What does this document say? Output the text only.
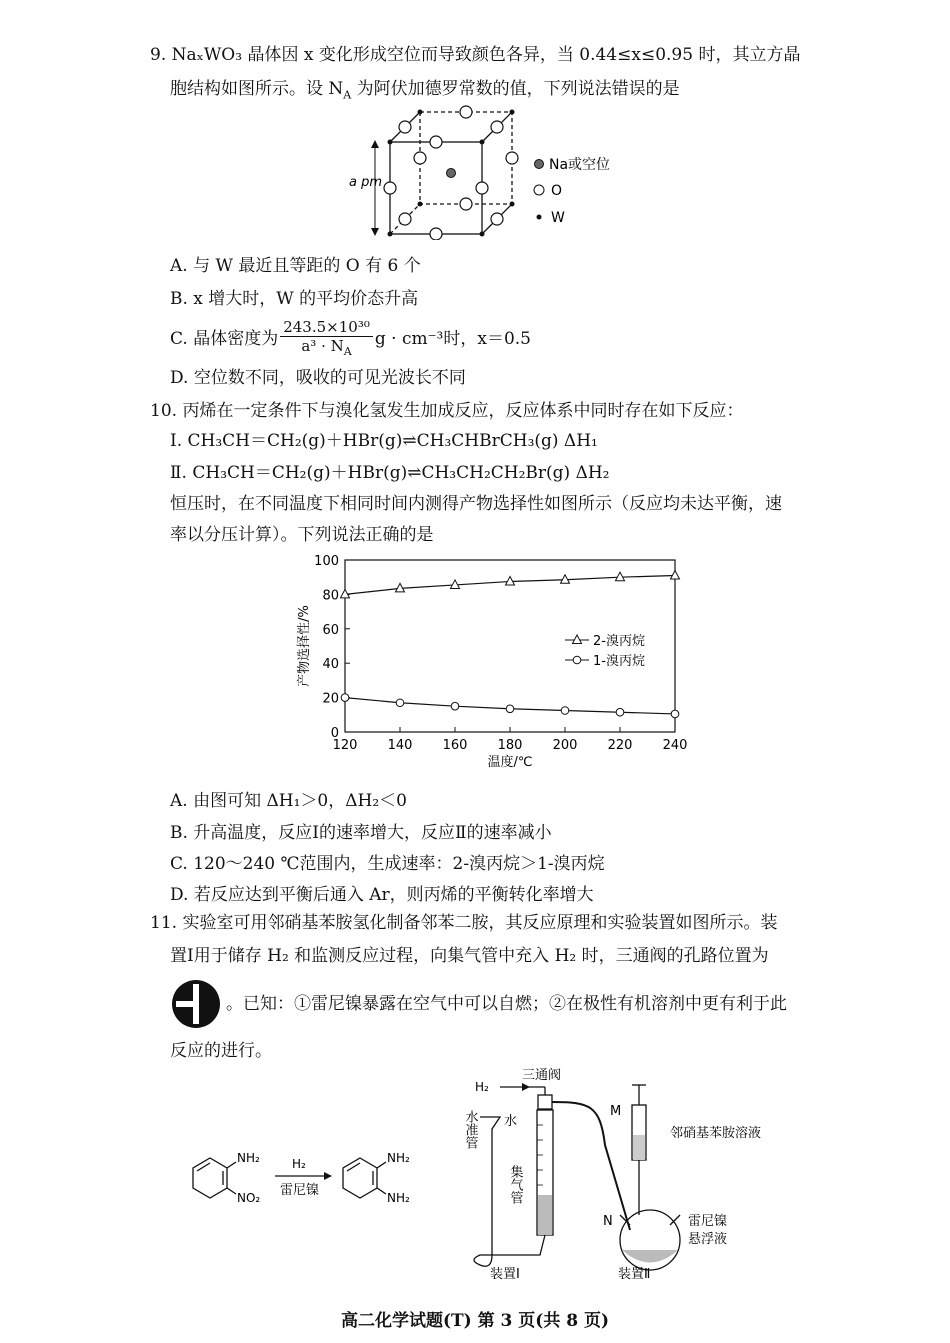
9. NaₓWO₃ 晶体因 x 变化形成空位而导致颜色各异，当 0.44≤x≤0.95 时，其立方晶
胞结构如图所示。设 $N_A$ 为阿伏加德罗常数的值，下列说法错误的是
a pm
Na或空位
O
W
A. 与 W 最近且等距的 O 有 6 个
B. x 增大时，W 的平均价态升高
C. 晶体密度为 $\frac{\text{243.5×10³⁰}}{a^3 \cdot N_A}$ g · cm⁻³时，x＝0.5
D. 空位数不同，吸收的可见光波长不同
10. 丙烯在一定条件下与溴化氢发生加成反应，反应体系中同时存在如下反应：
Ⅰ. CH₃CH＝CH₂(g)＋HBr(g)⇌CH₃CHBrCH₃(g) ΔH₁
Ⅱ. CH₃CH＝CH₂(g)＋HBr(g)⇌CH₃CH₂CH₂Br(g) ΔH₂
恒压时，在不同温度下相同时间内测得产物选择性如图所示（反应均未达平衡，速
率以分压计算）。下列说法正确的是
0
20
40
60
80
100
120 140 160 180 200 220 240
温度/℃
产物选择性/%	2-溴丙烷
1-溴丙烷
A. 由图可知 ΔH₁＞0，ΔH₂＜0
B. 升高温度，反应Ⅰ的速率增大，反应Ⅱ的速率减小
C. 120～240 ℃范围内，生成速率：2-溴丙烷＞1-溴丙烷
D. 若反应达到平衡后通入 Ar，则丙烯的平衡转化率增大
11. 实验室可用邻硝基苯胺氢化制备邻苯二胺，其反应原理和实验装置如图所示。装
置Ⅰ用于储存 H₂ 和监测反应过程，向集气管中充入 H₂ 时，三通阀的孔路位置为
。已知：①雷尼镍暴露在空气中可以自燃；②在极性有机溶剂中更有利于此
反应的进行。
NH₂
NO₂
H₂
雷尼镍
NH₂
NH₂
H₂
三通阀
水
集气管
水准管	M
N
邻硝基苯胺溶液
雷尼镍
悬浮液
装置Ⅰ	装置Ⅱ
高二化学试题(T) 第 3 页(共 8 页)
